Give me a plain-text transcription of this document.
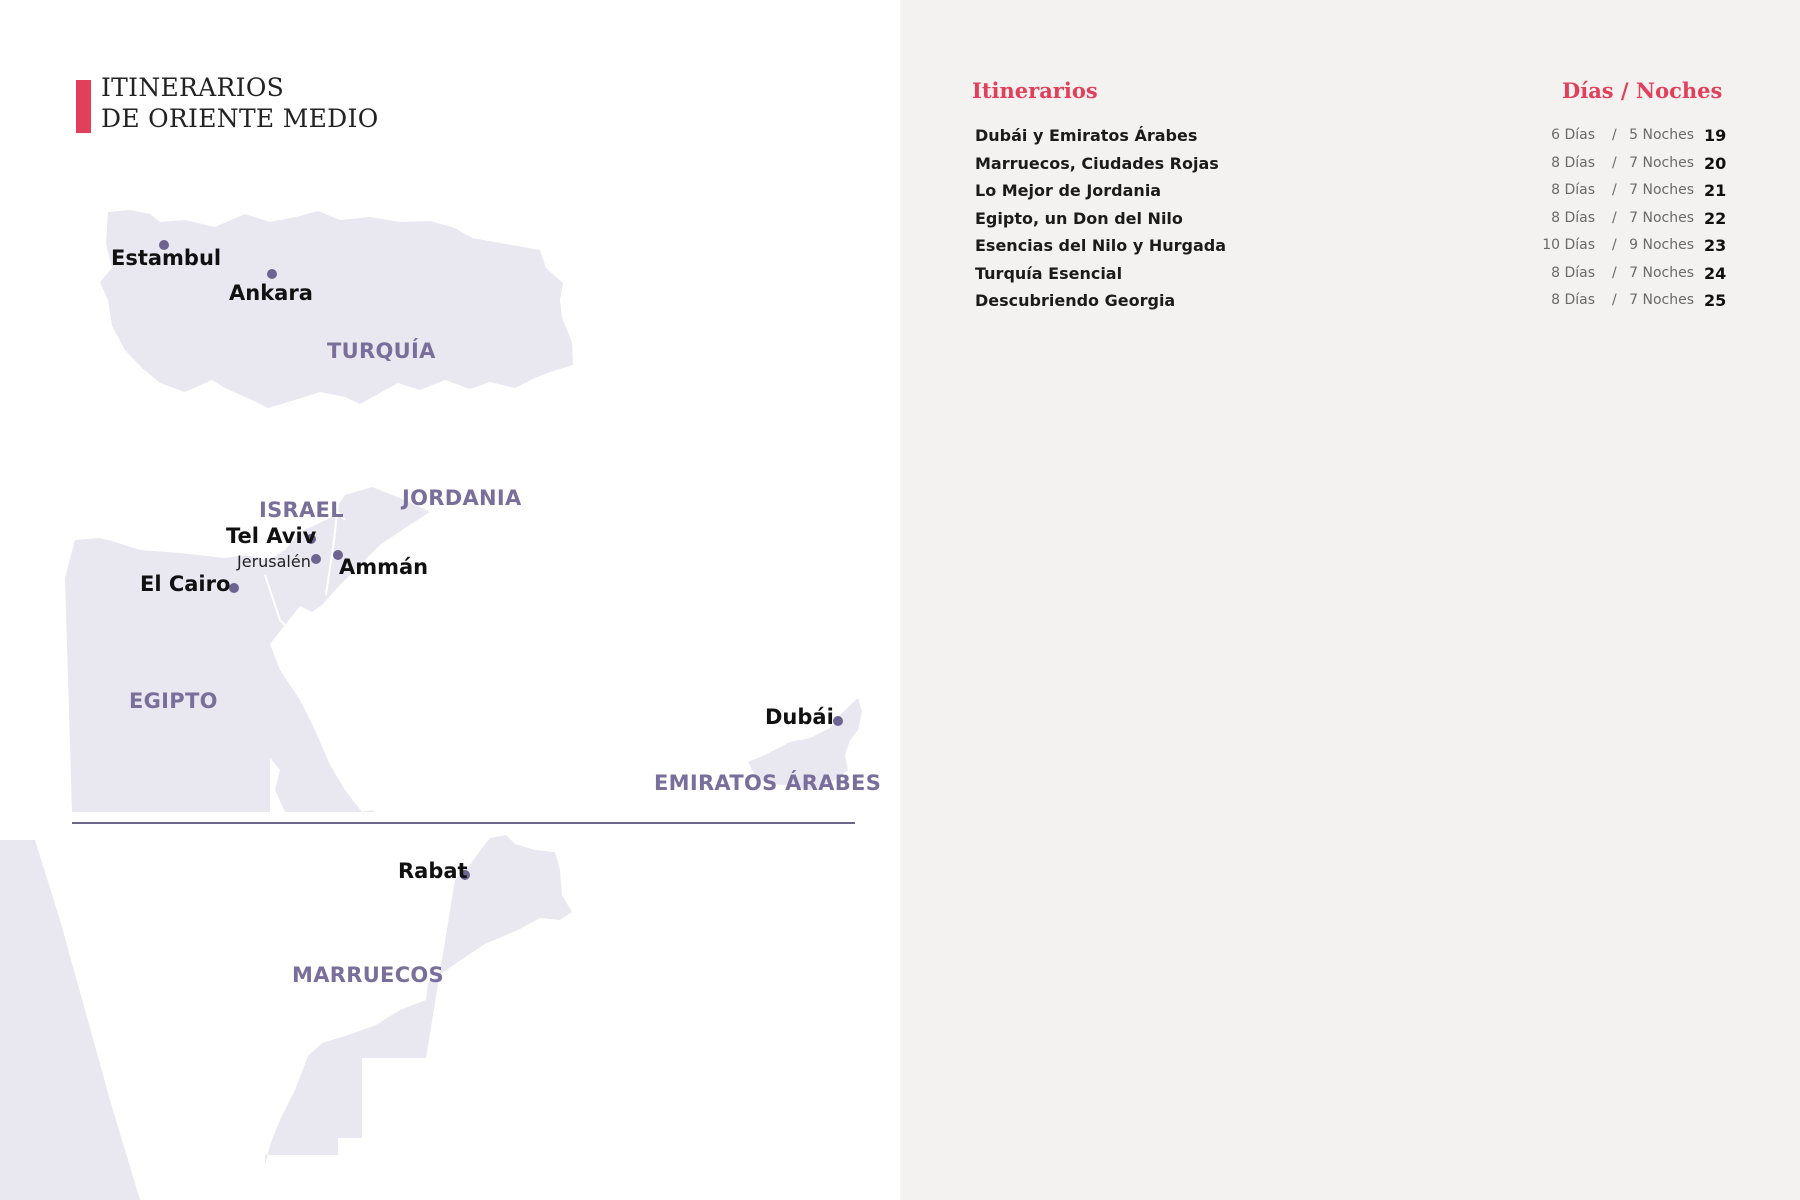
ITINERARIOS
DE ORIENTE MEDIO
Estambul
Ankara
Tel Aviv
Jerusalén Ammán
El Cairo
Dubái
Rabat
TURQUÍA
ISRAEL	JORDANIA
EGIPTO
EMIRATOS ÁRABES
MARRUECOS
Itinerarios	Días / Noches
Dubái y Emiratos Árabes	6 Días / 5 Noches 19
Marruecos, Ciudades Rojas	8 Días / 7 Noches 20
Lo Mejor de Jordania	8 Días / 7 Noches 21
Egipto, un Don del Nilo	8 Días / 7 Noches 22
Esencias del Nilo y Hurgada	10 Días / 9 Noches 23
Turquía Esencial	8 Días / 7 Noches 24
Descubriendo Georgia	8 Días / 7 Noches 25
